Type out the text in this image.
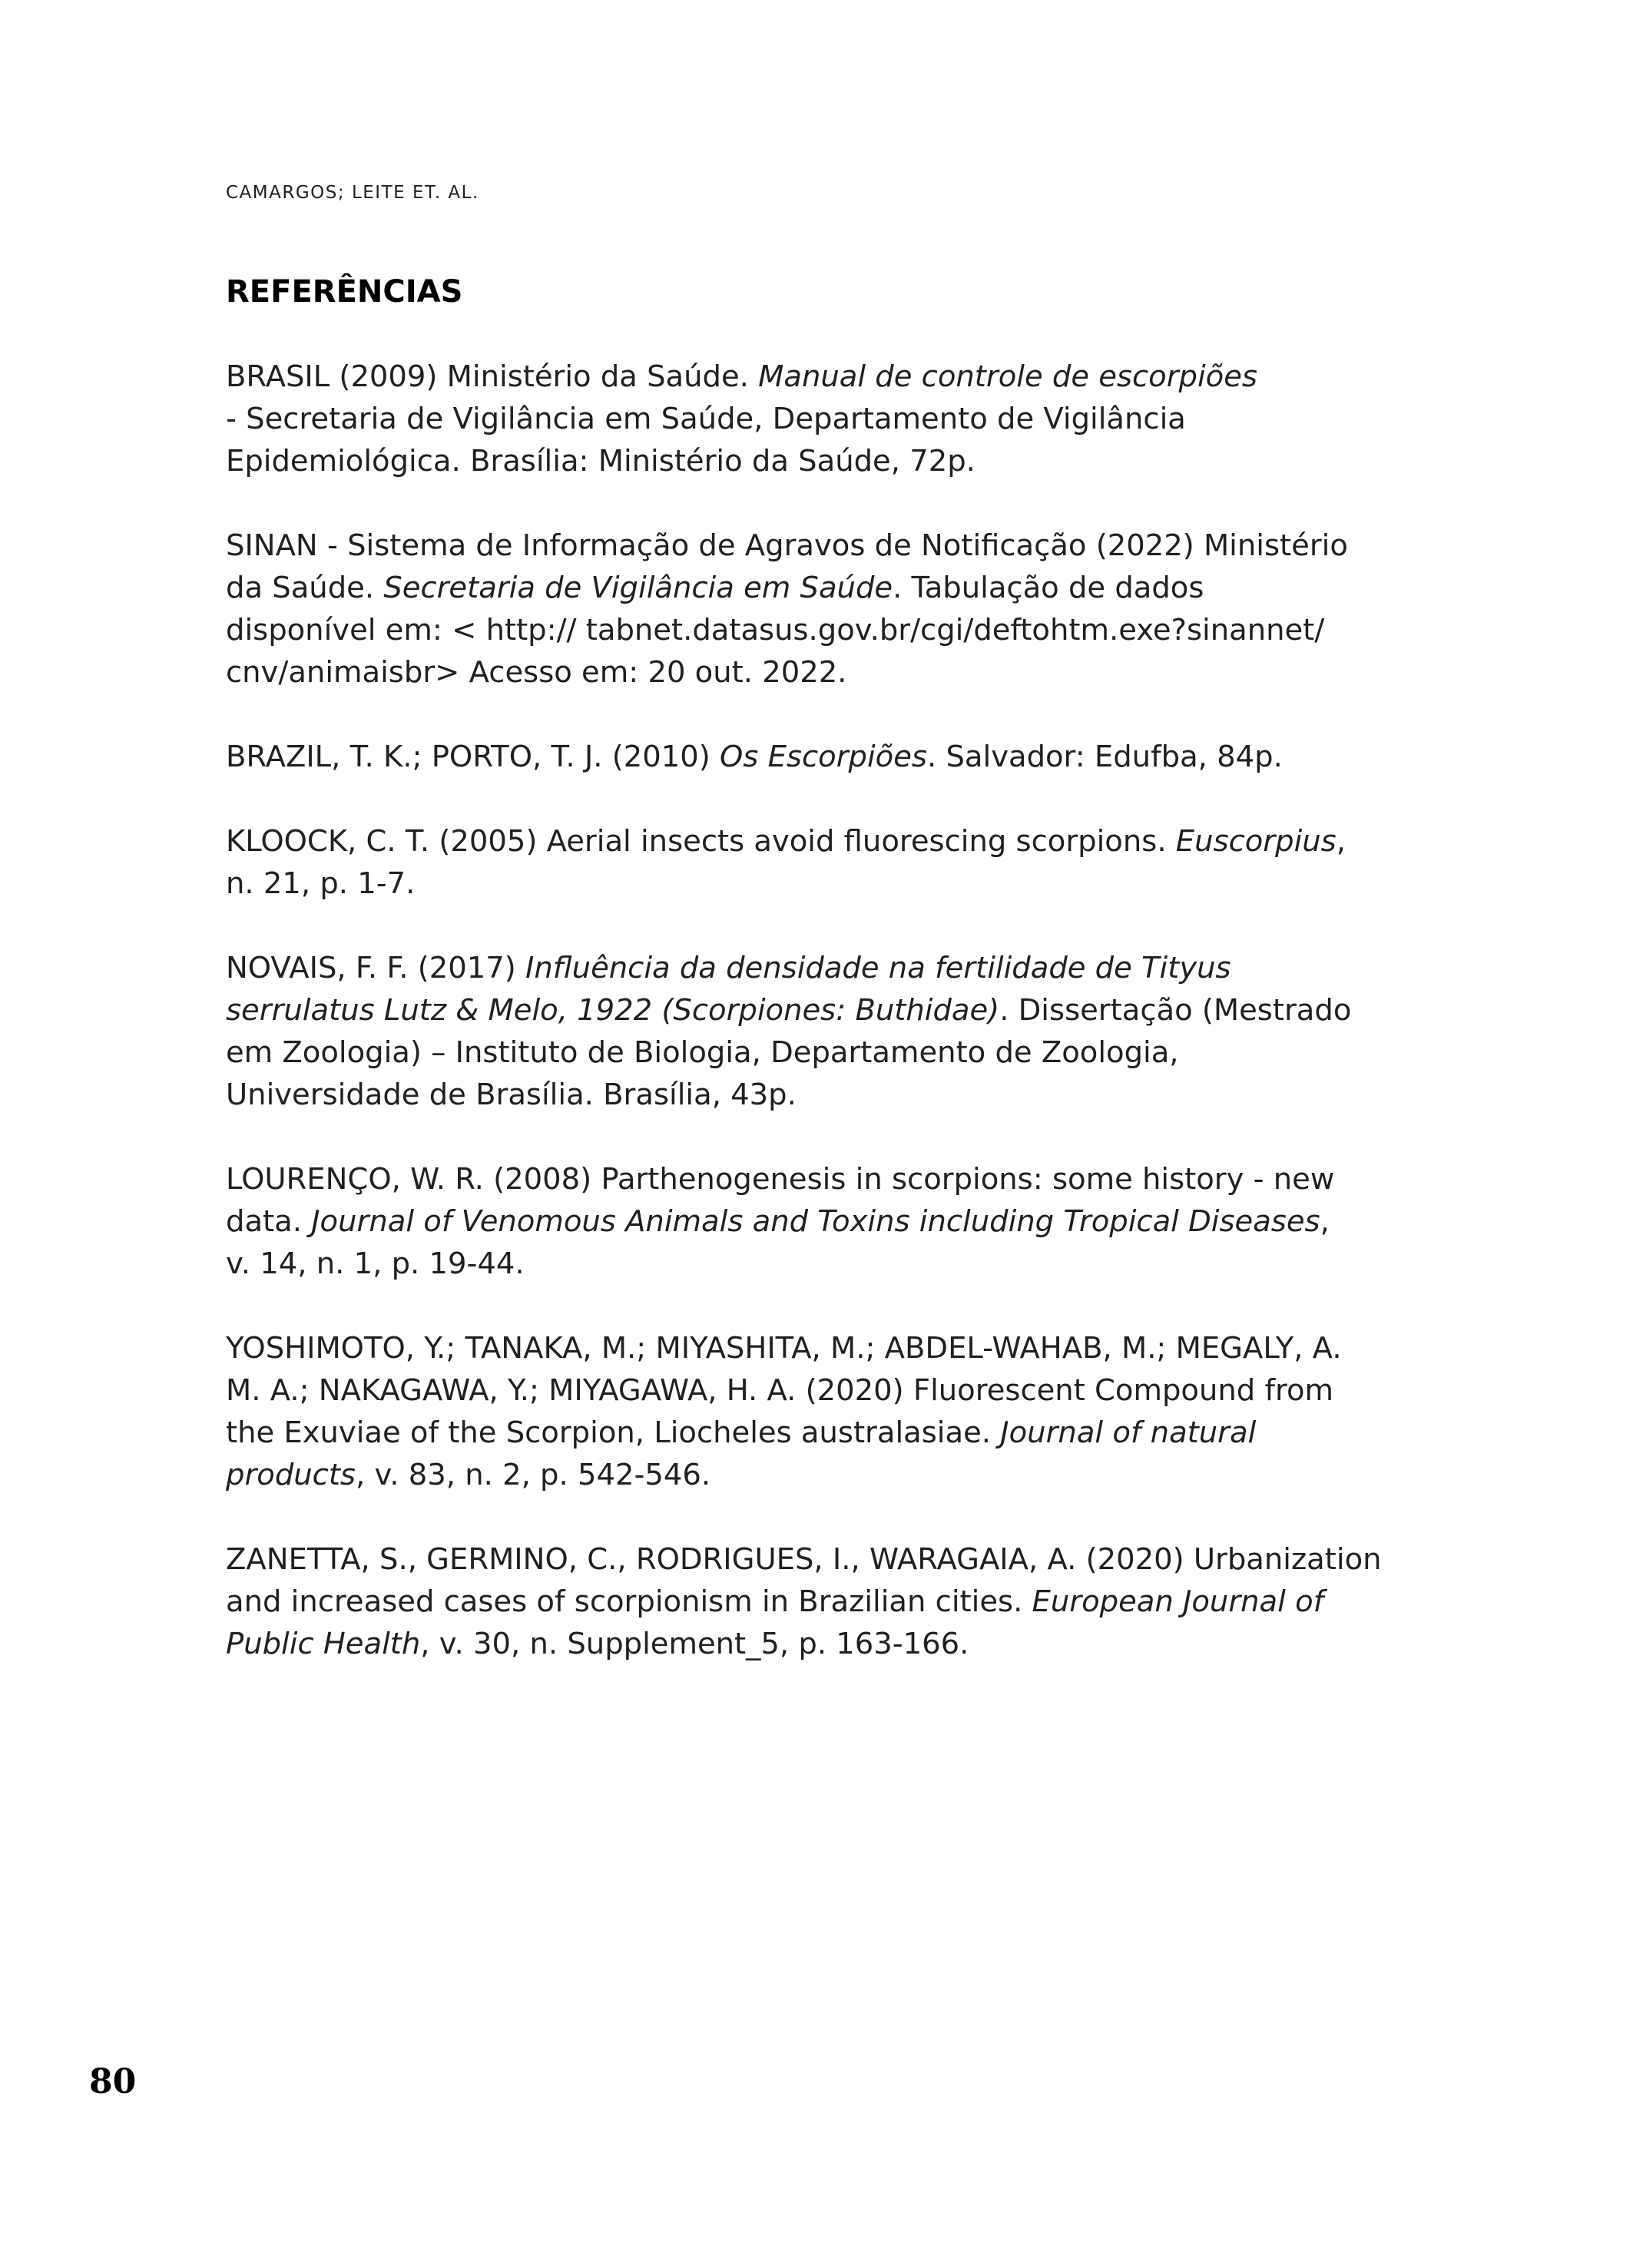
CAMARGOS; LEITE ET. AL.
REFERÊNCIAS
BRASIL (2009) Ministério da Saúde. Manual de controle de escorpiões
- Secretaria de Vigilância em Saúde, Departamento de Vigilância
Epidemiológica. Brasília: Ministério da Saúde, 72p.
SINAN - Sistema de Informação de Agravos de Notificação (2022) Ministério
da Saúde. Secretaria de Vigilância em Saúde. Tabulação de dados
disponível em: < http:// tabnet.datasus.gov.br/cgi/deftohtm.exe?sinannet/
cnv/animaisbr> Acesso em: 20 out. 2022.
BRAZIL, T. K.; PORTO, T. J. (2010) Os Escorpiões. Salvador: Edufba, 84p.
KLOOCK, C. T. (2005) Aerial insects avoid fluorescing scorpions. Euscorpius,
n. 21, p. 1-7.
NOVAIS, F. F. (2017) Influência da densidade na fertilidade de Tityus
serrulatus Lutz & Melo, 1922 (Scorpiones: Buthidae). Dissertação (Mestrado
em Zoologia) – Instituto de Biologia, Departamento de Zoologia,
Universidade de Brasília. Brasília, 43p.
LOURENÇO, W. R. (2008) Parthenogenesis in scorpions: some history - new
data. Journal of Venomous Animals and Toxins including Tropical Diseases,
v. 14, n. 1, p. 19-44.
YOSHIMOTO, Y.; TANAKA, M.; MIYASHITA, M.; ABDEL-WAHAB, M.; MEGALY, A.
M. A.; NAKAGAWA, Y.; MIYAGAWA, H. A. (2020) Fluorescent Compound from
the Exuviae of the Scorpion, Liocheles australasiae. Journal of natural
products, v. 83, n. 2, p. 542-546.
ZANETTA, S., GERMINO, C., RODRIGUES, I., WARAGAIA, A. (2020) Urbanization
and increased cases of scorpionism in Brazilian cities. European Journal of
Public Health, v. 30, n. Supplement_5, p. 163-166.
80
